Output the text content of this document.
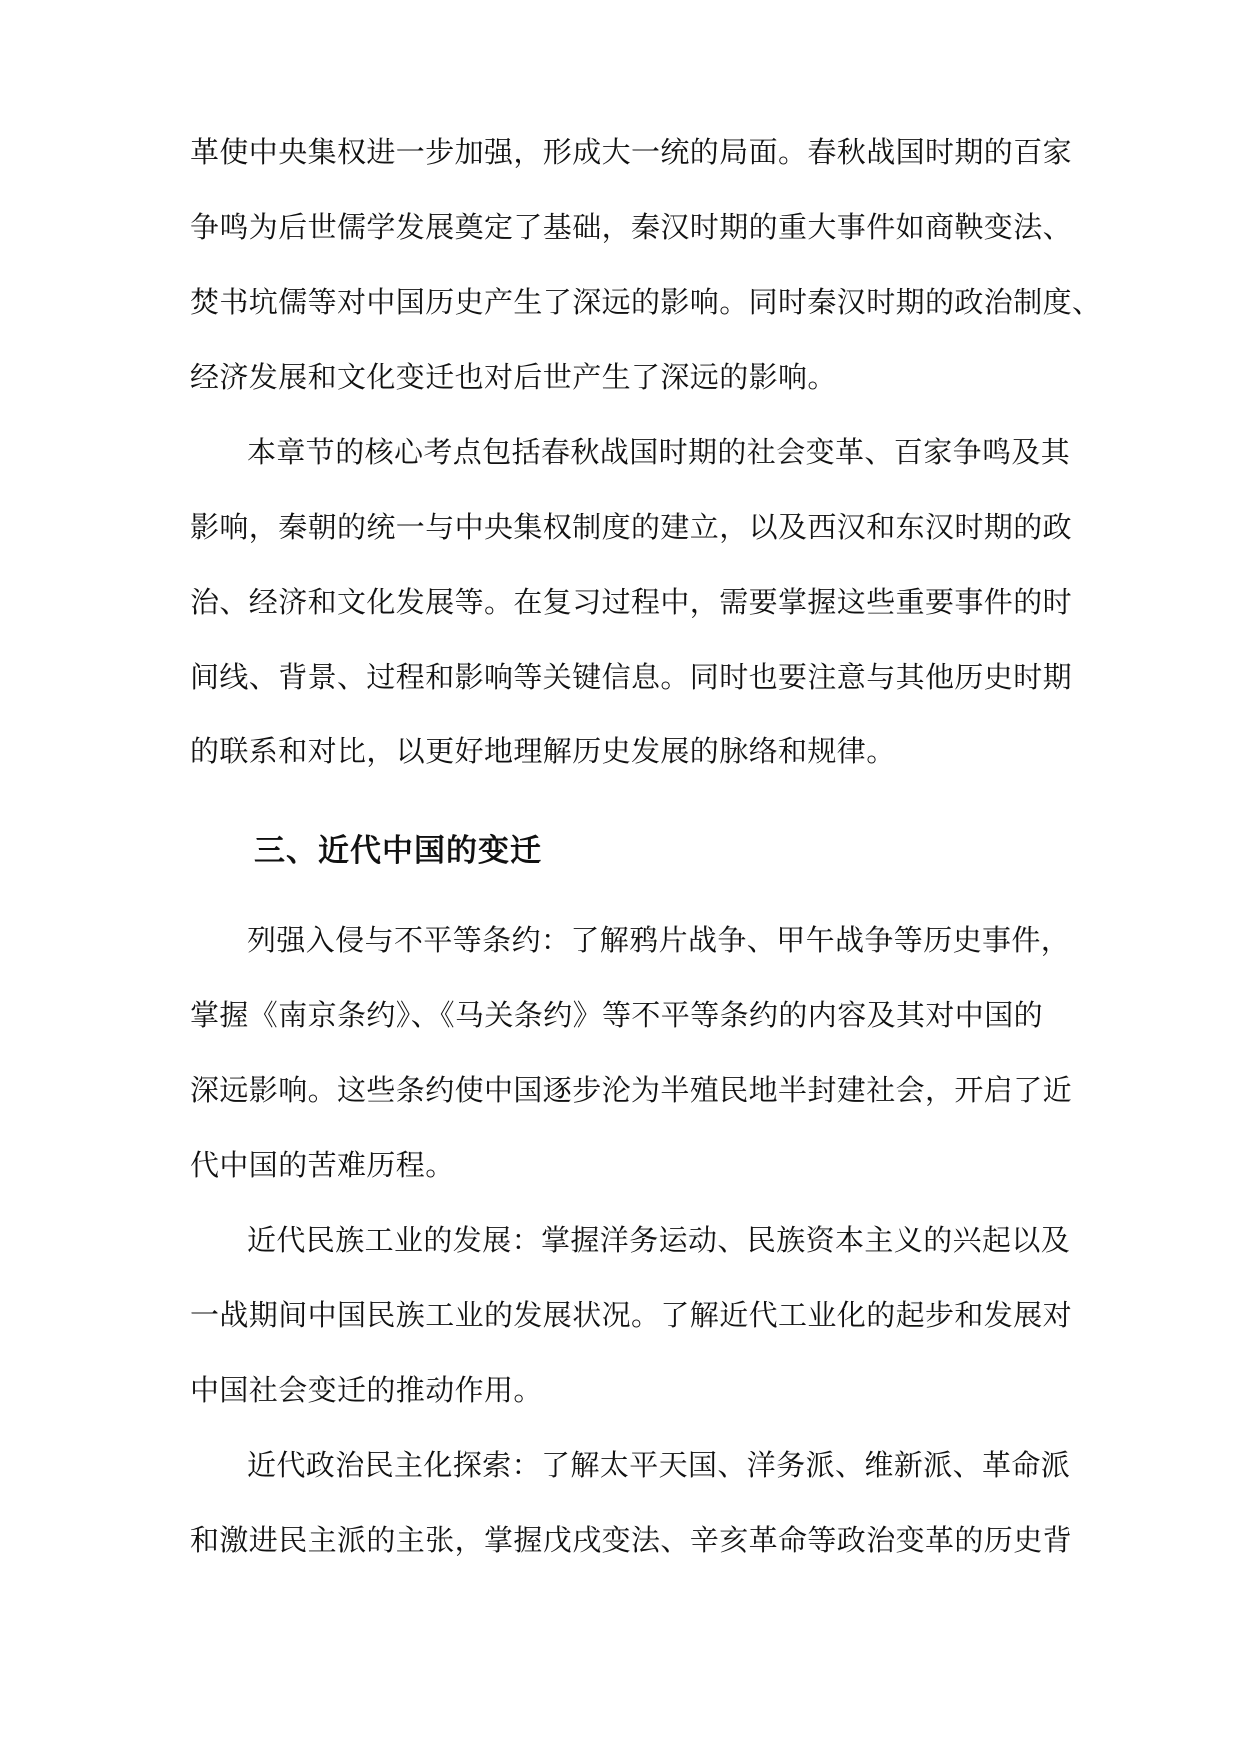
革使中央集权进一步加强，形成大一统的局面。春秋战国时期的百家
争鸣为后世儒学发展奠定了基础，秦汉时期的重大事件如商鞅变法、
焚书坑儒等对中国历史产生了深远的影响。同时秦汉时期的政治制度、
经济发展和文化变迁也对后世产生了深远的影响。
本章节的核心考点包括春秋战国时期的社会变革、百家争鸣及其
影响，秦朝的统一与中央集权制度的建立，以及西汉和东汉时期的政
治、经济和文化发展等。在复习过程中，需要掌握这些重要事件的时
间线、背景、过程和影响等关键信息。同时也要注意与其他历史时期
的联系和对比，以更好地理解历史发展的脉络和规律。
三、近代中国的变迁
列强入侵与不平等条约：了解鸦片战争、甲午战争等历史事件，
掌握《南京条约》、《马关条约》等不平等条约的内容及其对中国的
深远影响。这些条约使中国逐步沦为半殖民地半封建社会，开启了近
代中国的苦难历程。
近代民族工业的发展：掌握洋务运动、民族资本主义的兴起以及
一战期间中国民族工业的发展状况。了解近代工业化的起步和发展对
中国社会变迁的推动作用。
近代政治民主化探索：了解太平天国、洋务派、维新派、革命派
和激进民主派的主张，掌握戊戌变法、辛亥革命等政治变革的历史背
